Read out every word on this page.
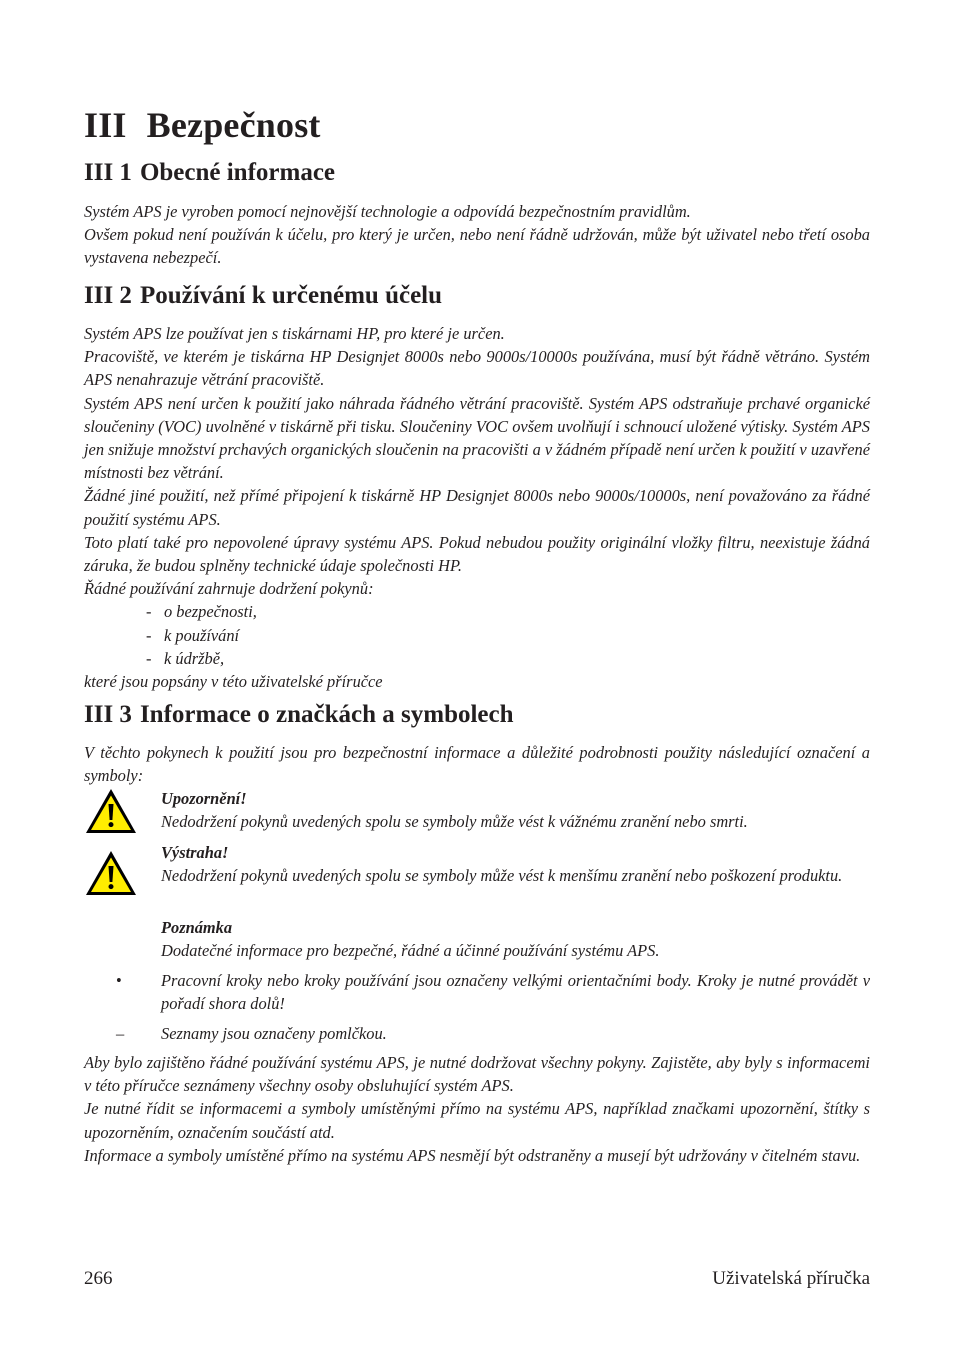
III Bezpečnost
III 1 Obecné informace

Systém APS je vyroben pomocí nejnovější technologie a odpovídá bezpečnostním pravidlům.

Ovšem pokud není používán k účelu, pro který je určen, nebo není řádně udržován, může být uživatel nebo třetí osoba vystavena nebezpečí.

III 2 Používání k určenému účelu

Systém APS lze používat jen s tiskárnami HP, pro které je určen.

Pracoviště, ve kterém je tiskárna HP Designjet 8000s nebo 9000s/10000s používána, musí být řádně větráno. Systém APS nenahrazuje větrání pracoviště.

Systém APS není určen k použití jako náhrada řádného větrání pracoviště. Systém APS odstraňuje prchavé organické sloučeniny (VOC) uvolněné v tiskárně při tisku. Sloučeniny VOC ovšem uvolňují i schnoucí uložené výtisky. Systém APS jen snižuje množství prchavých organických sloučenin na pracovišti a v žádném případě není určen k použití v uzavřené místnosti bez větrání.

Žádné jiné použití, než přímé připojení k tiskárně HP Designjet 8000s nebo 9000s/10000s, není považováno za řádné použití systému APS.

Toto platí také pro nepovolené úpravy systému APS. Pokud nebudou použity originální vložky filtru, neexistuje žádná záruka, že budou splněny technické údaje společnosti HP.

Řádné používání zahrnuje dodržení pokynů:

- o bezpečnosti,
- k používání
- k údržbě,

které jsou popsány v této uživatelské příručce

III 3 Informace o značkách a symbolech

V těchto pokynech k použití jsou pro bezpečnostní informace a důležité podrobnosti použity následující označení a symboly:

Upozornění!
Nedodržení pokynů uvedených spolu se symboly může vést k vážnému zranění nebo smrti.
Výstraha!
Nedodržení pokynů uvedených spolu se symboly může vést k menšímu zranění nebo poškození produktu.
Poznámka
Dodatečné informace pro bezpečné, řádné a účinné používání systému APS.
• Pracovní kroky nebo kroky používání jsou označeny velkými orientačními body. Kroky je nutné provádět v pořadí shora dolů!
– Seznamy jsou označeny pomlčkou.

Aby bylo zajištěno řádné používání systému APS, je nutné dodržovat všechny pokyny. Zajistěte, aby byly s informacemi v této příručce seznámeny všechny osoby obsluhující systém APS.

Je nutné řídit se informacemi a symboly umístěnými přímo na systému APS, například značkami upozornění, štítky s upozorněním, označením součástí atd.

Informace a symboly umístěné přímo na systému APS nesmějí být odstraněny a musejí být udržovány v čitelném stavu.

266	Uživatelská příručka
